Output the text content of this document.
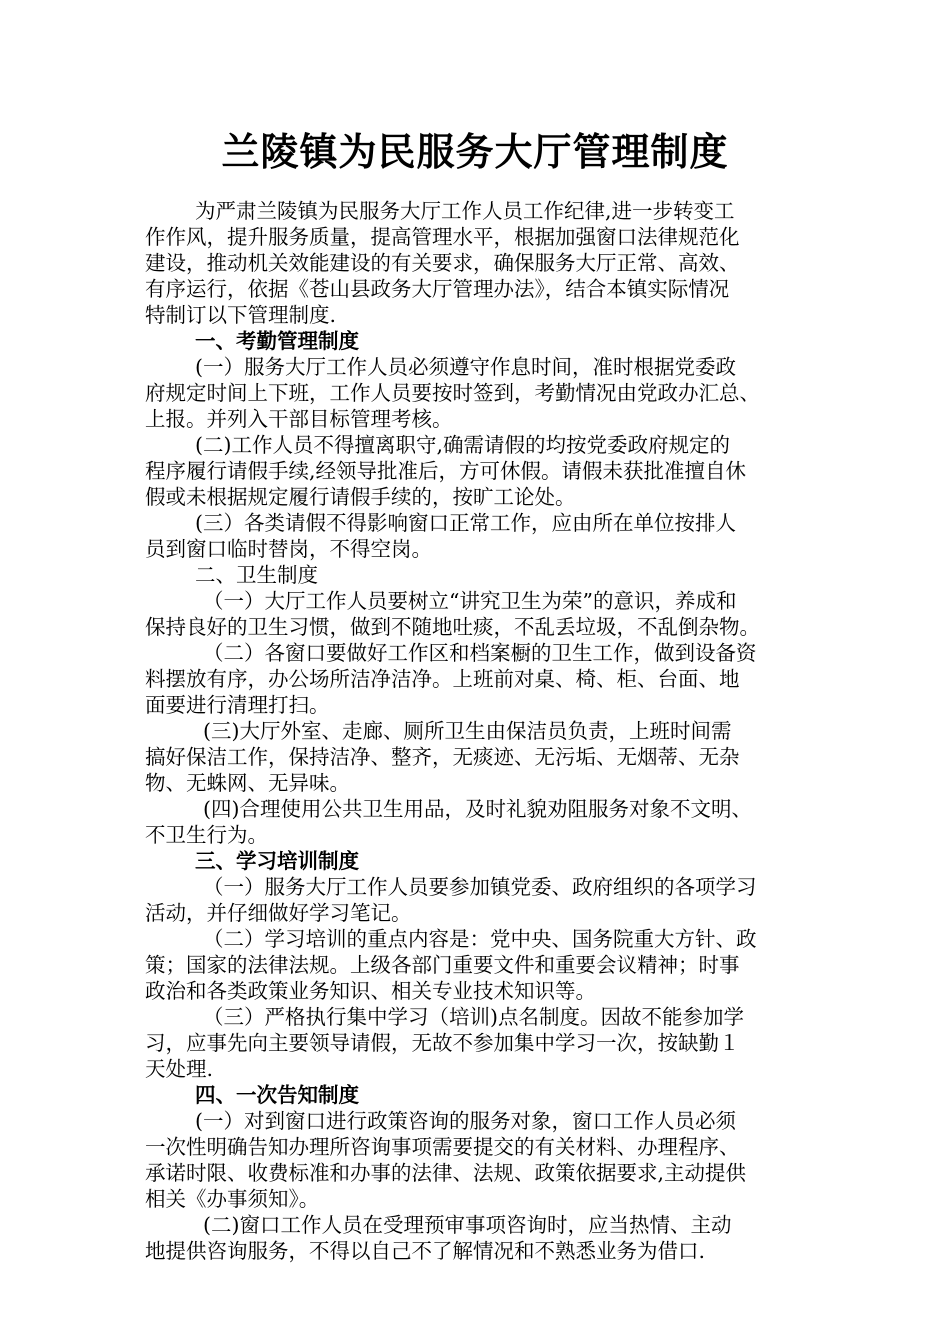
兰陵镇为民服务大厅管理制度
为严肃兰陵镇为民服务大厅工作人员工作纪律,进一步转变工
作作风，提升服务质量，提高管理水平，根据加强窗口法律规范化
建设，推动机关效能建设的有关要求，确保服务大厅正常、高效、
有序运行，依据《苍山县政务大厅管理办法》，结合本镇实际情况
特制订以下管理制度.
一、考勤管理制度
(一）服务大厅工作人员必须遵守作息时间，准时根据党委政
府规定时间上下班，工作人员要按时签到，考勤情况由党政办汇总、
上报。并列入干部目标管理考核。
(二)工作人员不得擅离职守,确需请假的均按党委政府规定的
程序履行请假手续,经领导批准后，方可休假。请假未获批准擅自休
假或未根据规定履行请假手续的，按旷工论处。
(三）各类请假不得影响窗口正常工作，应由所在单位按排人
员到窗口临时替岗，不得空岗。
二、卫生制度
（一）大厅工作人员要树立“讲究卫生为荣”的意识，养成和
保持良好的卫生习惯，做到不随地吐痰，不乱丢垃圾，不乱倒杂物。
（二）各窗口要做好工作区和档案橱的卫生工作，做到设备资
料摆放有序，办公场所洁净洁净。上班前对桌、椅、柜、台面、地
面要进行清理打扫。
(三)大厅外室、走廊、厕所卫生由保洁员负责，上班时间需
搞好保洁工作，保持洁净、整齐，无痰迹、无污垢、无烟蒂、无杂
物、无蛛网、无异味。
(四)合理使用公共卫生用品，及时礼貌劝阻服务对象不文明、
不卫生行为。
三、学习培训制度
（一）服务大厅工作人员要参加镇党委、政府组织的各项学习
活动，并仔细做好学习笔记。
（二）学习培训的重点内容是：党中央、国务院重大方针、政
策；国家的法律法规。上级各部门重要文件和重要会议精神；时事
政治和各类政策业务知识、相关专业技术知识等。
（三）严格执行集中学习（培训)点名制度。因故不能参加学
习，应事先向主要领导请假，无故不参加集中学习一次，按缺勤１
天处理.
四、一次告知制度
(一）对到窗口进行政策咨询的服务对象，窗口工作人员必须
一次性明确告知办理所咨询事项需要提交的有关材料、办理程序、
承诺时限、收费标准和办事的法律、法规、政策依据要求,主动提供
相关《办事须知》。
(二)窗口工作人员在受理预审事项咨询时，应当热情、主动
地提供咨询服务，不得以自己不了解情况和不熟悉业务为借口.
